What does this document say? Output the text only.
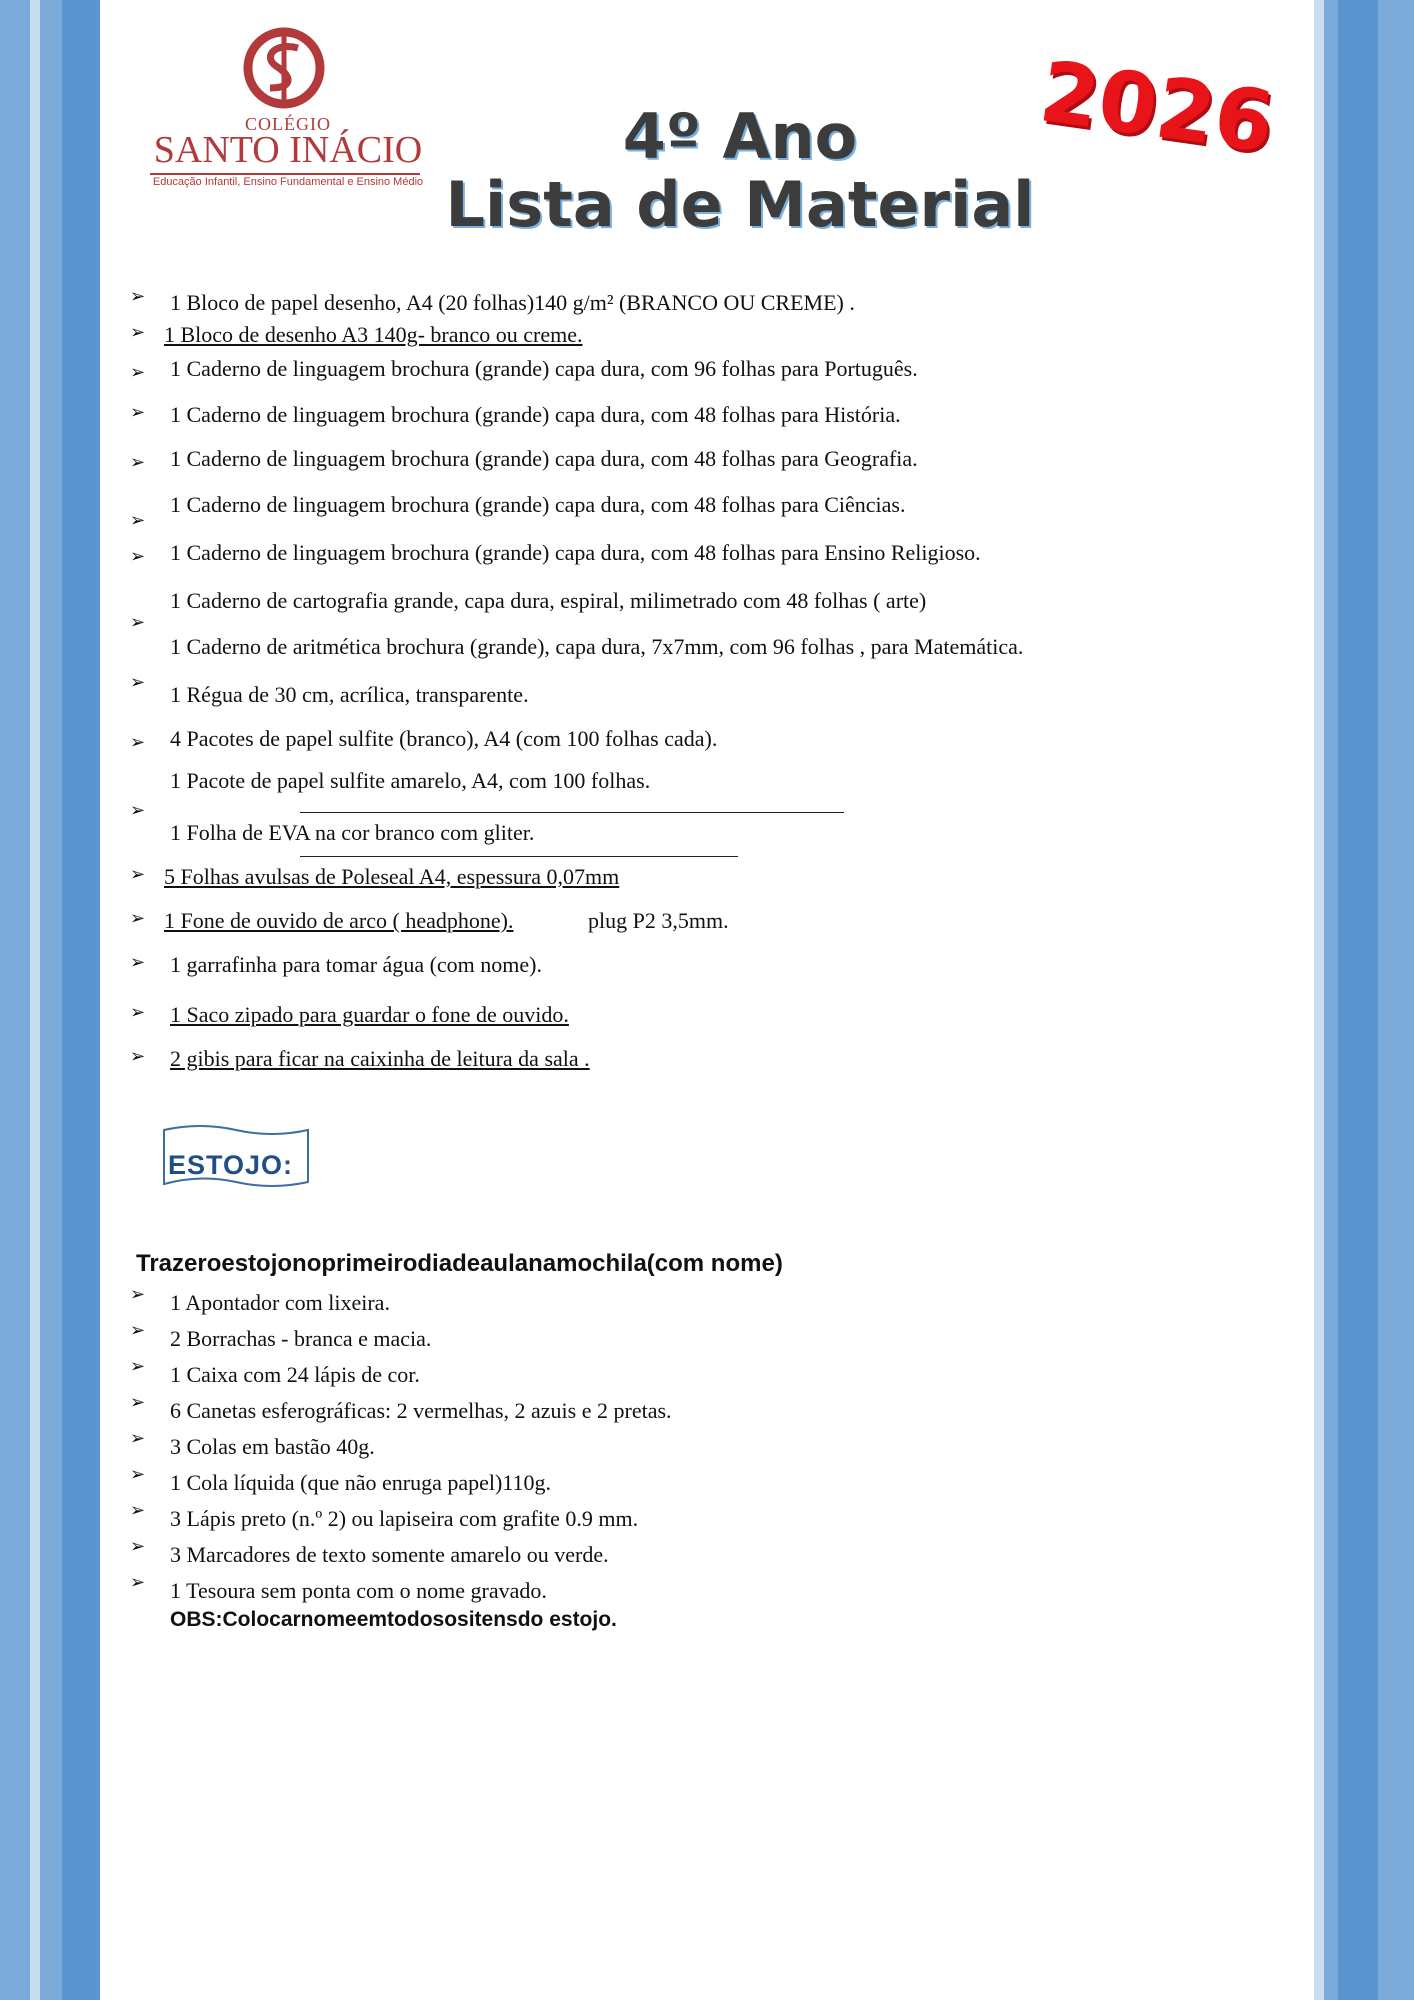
COLÉGIO
SANTO INÁCIO
Educação Infantil, Ensino Fundamental e Ensino Médio
4º Ano
Lista de Material
2026
➢ 1 Bloco de papel desenho, A4 (20 folhas)140 g/m² (BRANCO OU CREME) .
➢ 1 Bloco de desenho A3 140g- branco ou creme.
➢ 1 Caderno de linguagem brochura (grande) capa dura, com 96 folhas para Português.
➢ 1 Caderno de linguagem brochura (grande) capa dura, com 48 folhas para História.
➢ 1 Caderno de linguagem brochura (grande) capa dura, com 48 folhas para Geografia.
➢
1 Caderno de linguagem brochura (grande) capa dura, com 48 folhas para Ciências.
➢ 1 Caderno de linguagem brochura (grande) capa dura, com 48 folhas para Ensino Religioso.
➢
1 Caderno de cartografia grande, capa dura, espiral, milimetrado com 48 folhas ( arte)
1 Caderno de aritmética brochura (grande), capa dura, 7x7mm, com 96 folhas , para Matemática.
➢ 1 Régua de 30 cm, acrílica, transparente.
➢ 4 Pacotes de papel sulfite (branco), A4 (com 100 folhas cada).
1 Pacote de papel sulfite amarelo, A4, com 100 folhas.
➢
1 Folha de EVA na cor branco com gliter.
➢ 5 Folhas avulsas de Poleseal A4, espessura 0,07mm
➢ 1 Fone de ouvido de arco ( headphone).	plug P2 3,5mm.
➢ 1 garrafinha para tomar água (com nome).
➢ 1 Saco zipado para guardar o fone de ouvido.
➢ 2 gibis para ficar na caixinha de leitura da sala .
ESTOJO:
Trazeroestojonoprimeirodiadeaulanamochila(com nome)
➢ 1 Apontador com lixeira.
➢ 2 Borrachas - branca e macia.
➢ 1 Caixa com 24 lápis de cor.
➢ 6 Canetas esferográficas: 2 vermelhas, 2 azuis e 2 pretas.
➢ 3 Colas em bastão 40g.
➢ 1 Cola líquida (que não enruga papel)110g.
➢ 3 Lápis preto (n.º 2) ou lapiseira com grafite 0.9 mm.
➢ 3 Marcadores de texto somente amarelo ou verde.
➢ 1 Tesoura sem ponta com o nome gravado.
OBS:Colocarnomeemtodosositensdo estojo.
